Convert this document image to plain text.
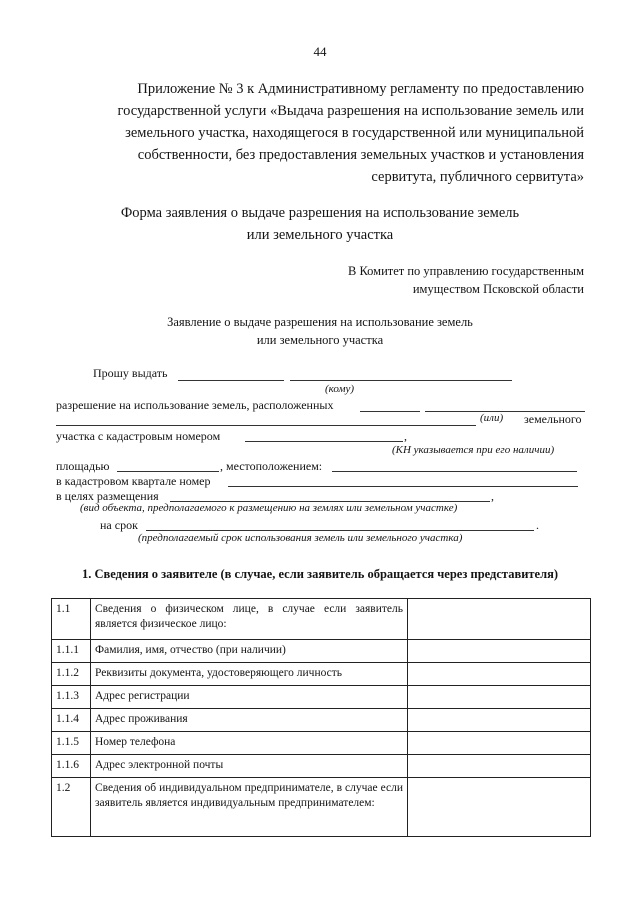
44
Приложение № 3 к Административному регламенту по предоставлению
государственной услуги «Выдача разрешения на использование земель или
земельного участка, находящегося в государственной или муниципальной
собственности, без предоставления земельных участков и установления
сервитута, публичного сервитута»
Форма заявления о выдаче разрешения на использование земель
или земельного участка
В Комитет по управлению государственным
имуществом Псковской области
Заявление о выдаче разрешения на использование земель
или земельного участка
Прошу выдать
(кому)
разрешение на использование земель, расположенных
(или) земельного
участка с кадастровым номером	,
(КН указывается при его наличии)
площадью	, местоположением:
в кадастровом квартале номер
в целях размещения	,
(вид объекта, предполагаемого к размещению на землях или земельном участке)
на срок	.
(предполагаемый срок использования земель или земельного участка)
1. Сведения о заявителе (в случае, если заявитель обращается через представителя)
1.1	Сведения о физическом лице, в случае если заявитель является физическое лицо:	
1.1.1	Фамилия, имя, отчество (при наличии)	
1.1.2	Реквизиты документа, удостоверяющего личность	
1.1.3	Адрес регистрации	
1.1.4	Адрес проживания	
1.1.5	Номер телефона	
1.1.6	Адрес электронной почты	
1.2	Сведения об индивидуальном предпринимателе, в случае если заявитель является индивидуальным предпринимателем:	
